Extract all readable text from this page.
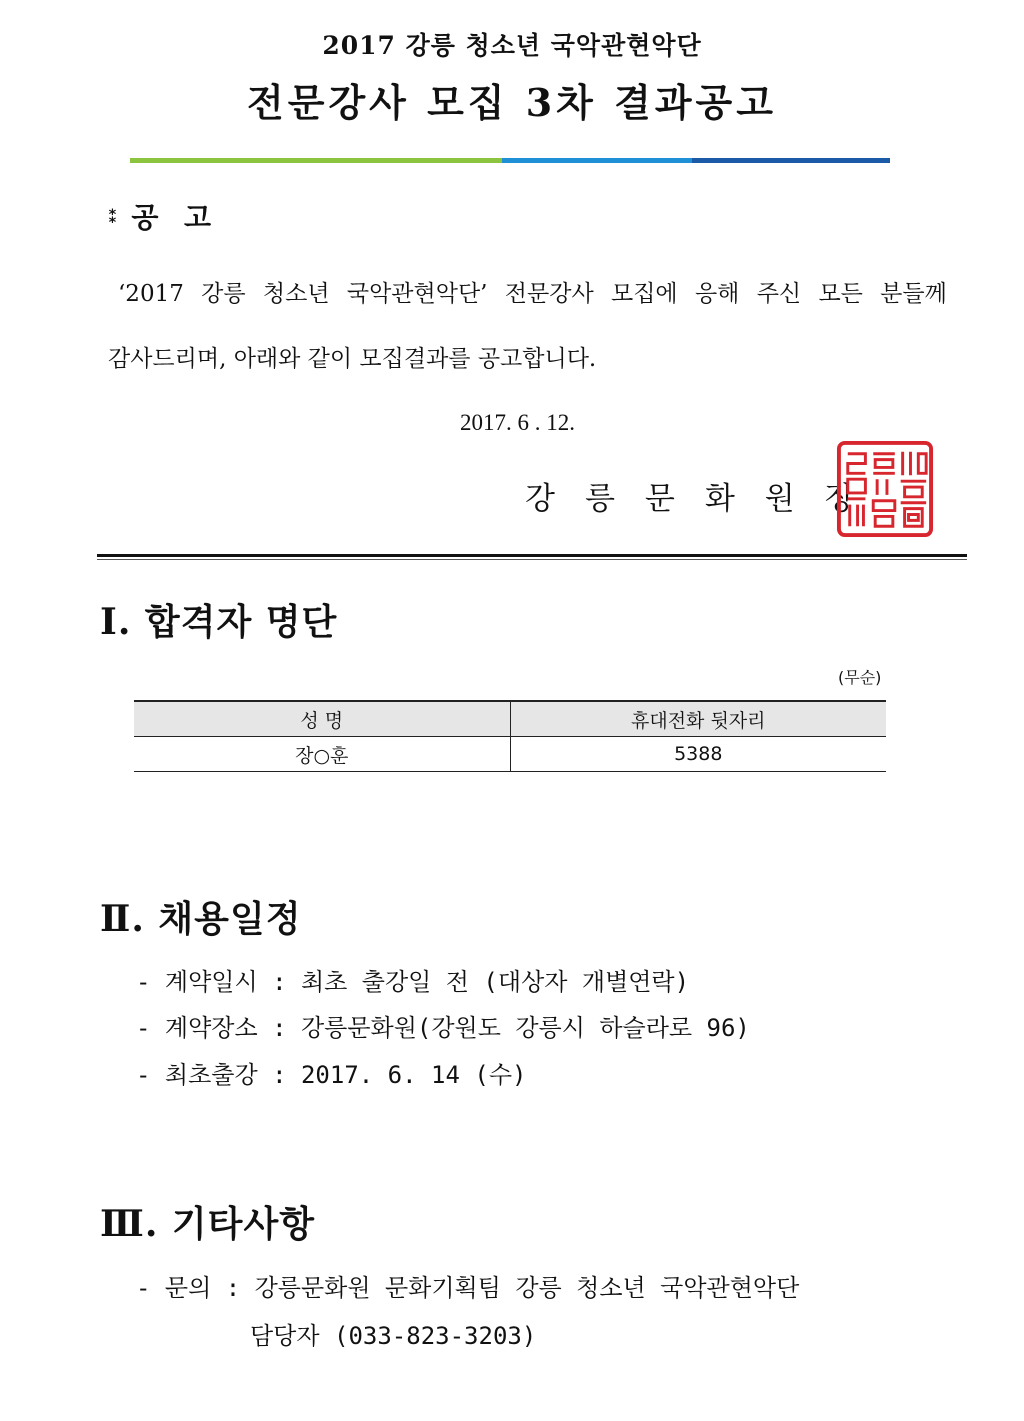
2017 강릉 청소년 국악관현악단
전문강사 모집 3차 결과공고
⁑ 공  고
‘2017 강릉 청소년 국악관현악단’ 전문강사 모집에 응해 주신 모든 분들께
감사드리며, 아래와 같이 모집결과를 공고합니다.
2017. 6 . 12.
강릉문화원장
Ⅰ. 합격자 명단
(무순)
성 명	휴대전화 뒷자리
장○훈	5388
Ⅱ. 채용일정
- 계약일시 : 최초 출강일 전 (대상자 개별연락)
- 계약장소 : 강릉문화원(강원도 강릉시 하슬라로 96)
- 최초출강 : 2017. 6. 14 (수)
Ⅲ. 기타사항
- 문의 : 강릉문화원 문화기획팀 강릉 청소년 국악관현악단
담당자 (033-823-3203)
